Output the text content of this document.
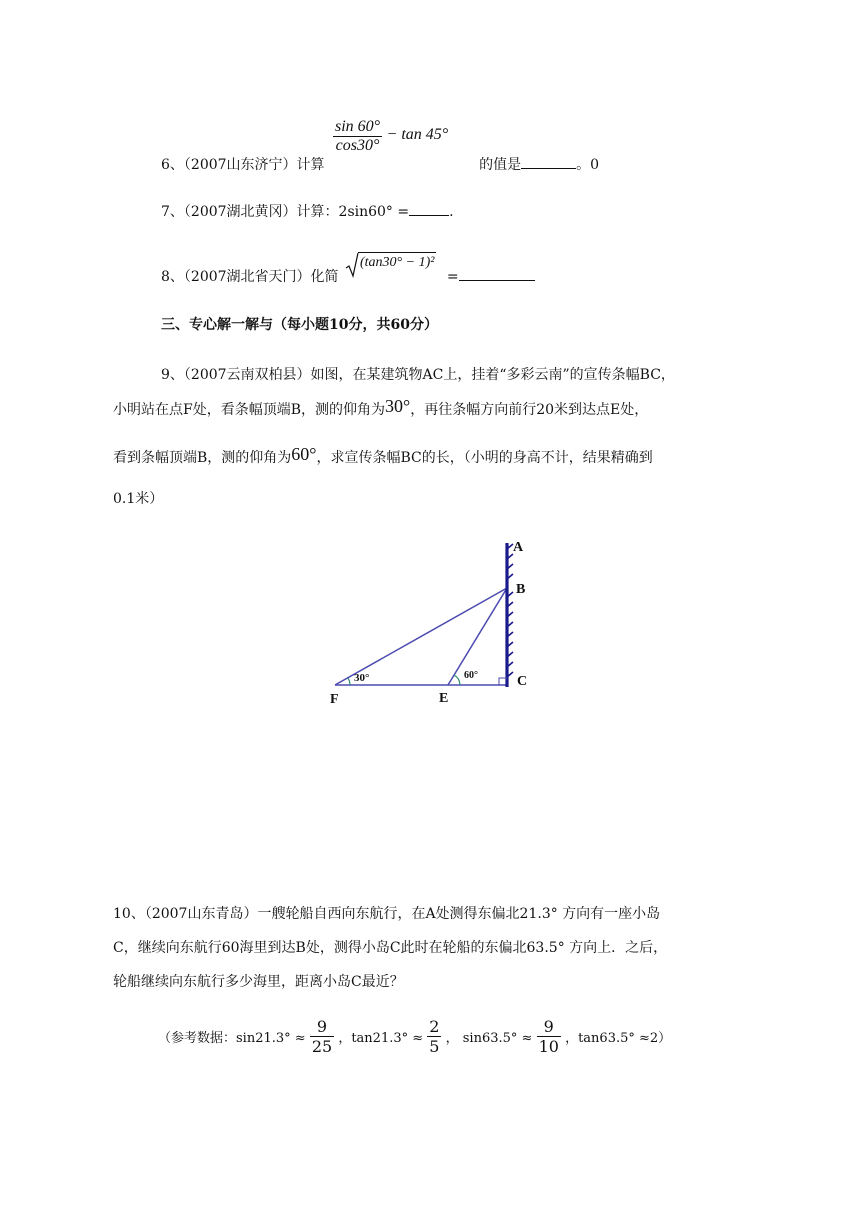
6、（2007山东济宁）计算
$\frac{\sin 60^\circ}{\cos 30^\circ} - \tan 45^\circ$  的值是	。0
7、（2007湖北黄冈）计算：2sin60° =	.
8、（2007湖北省天门）化简 (tan30° − 1)² =
三、专心解一解与（每小题10分，共60分）
9、（2007云南双柏县）如图，在某建筑物AC上，挂着“多彩云南”的宣传条幅BC，
小明站在点F处，看条幅顶端B，测的仰角为30°，再往条幅方向前行20米到达点E处，
看到条幅顶端B，测的仰角为60°，求宣传条幅BC的长，（小明的身高不计，结果精确到
0.1米）
A
B
C
E
F
30°	60°
10、（2007山东青岛）一艘轮船自西向东航行，在A处测得东偏北21.3° 方向有一座小岛
C，继续向东航行60海里到达B处，测得小岛C此时在轮船的东偏北63.5° 方向上．之后，
轮船继续向东航行多少海里，距离小岛C最近？
（参考数据：$\sin 21.3^\circ \approx \frac{9}{25}$ ，$\tan 21.3^\circ \approx \frac{2}{5}$ ， $\sin 63.5^\circ \approx \frac{9}{10}$ ，tan63.5° ≈2）
